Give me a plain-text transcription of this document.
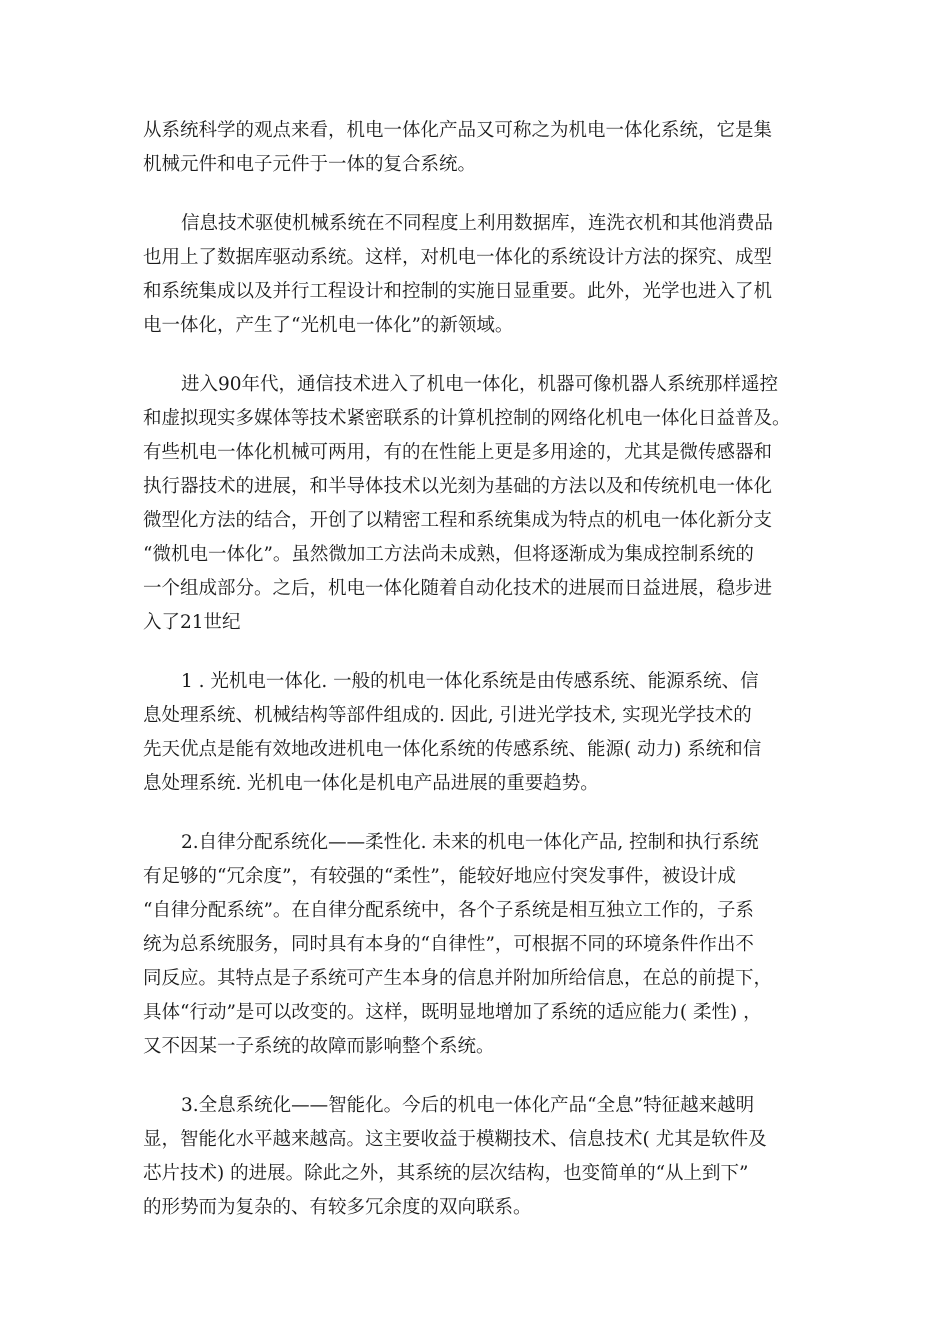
从系统科学的观点来看，机电一体化产品又可称之为机电一体化系统，它是集
机械元件和电子元件于一体的复合系统。

信息技术驱使机械系统在不同程度上利用数据库，连洗衣机和其他消费品
也用上了数据库驱动系统。这样，对机电一体化的系统设计方法的探究、成型
和系统集成以及并行工程设计和控制的实施日显重要。此外，光学也进入了机
电一体化，产生了“光机电一体化”的新领域。

进入90年代，通信技术进入了机电一体化，机器可像机器人系统那样遥控
和虚拟现实多媒体等技术紧密联系的计算机控制的网络化机电一体化日益普及。
有些机电一体化机械可两用，有的在性能上更是多用途的，尤其是微传感器和
执行器技术的进展，和半导体技术以光刻为基础的方法以及和传统机电一体化
微型化方法的结合，开创了以精密工程和系统集成为特点的机电一体化新分支
“微机电一体化”。虽然微加工方法尚未成熟，但将逐渐成为集成控制系统的
一个组成部分。之后，机电一体化随着自动化技术的进展而日益进展，稳步进
入了21世纪

1 . 光机电一体化. 一般的机电一体化系统是由传感系统、能源系统、信
息处理系统、机械结构等部件组成的. 因此, 引进光学技术, 实现光学技术的
先天优点是能有效地改进机电一体化系统的传感系统、能源( 动力) 系统和信
息处理系统. 光机电一体化是机电产品进展的重要趋势。

2.自律分配系统化——柔性化. 未来的机电一体化产品, 控制和执行系统
有足够的“冗余度”，有较强的“柔性”，能较好地应付突发事件，被设计成
“自律分配系统”。在自律分配系统中，各个子系统是相互独立工作的，子系
统为总系统服务，同时具有本身的“自律性”，可根据不同的环境条件作出不
同反应。其特点是子系统可产生本身的信息并附加所给信息，在总的前提下，
具体“行动”是可以改变的。这样，既明显地增加了系统的适应能力( 柔性) ，
又不因某一子系统的故障而影响整个系统。

3.全息系统化——智能化。今后的机电一体化产品“全息”特征越来越明
显，智能化水平越来越高。这主要收益于模糊技术、信息技术( 尤其是软件及
芯片技术) 的进展。除此之外，其系统的层次结构，也变简单的“从上到下”
的形势而为复杂的、有较多冗余度的双向联系。
